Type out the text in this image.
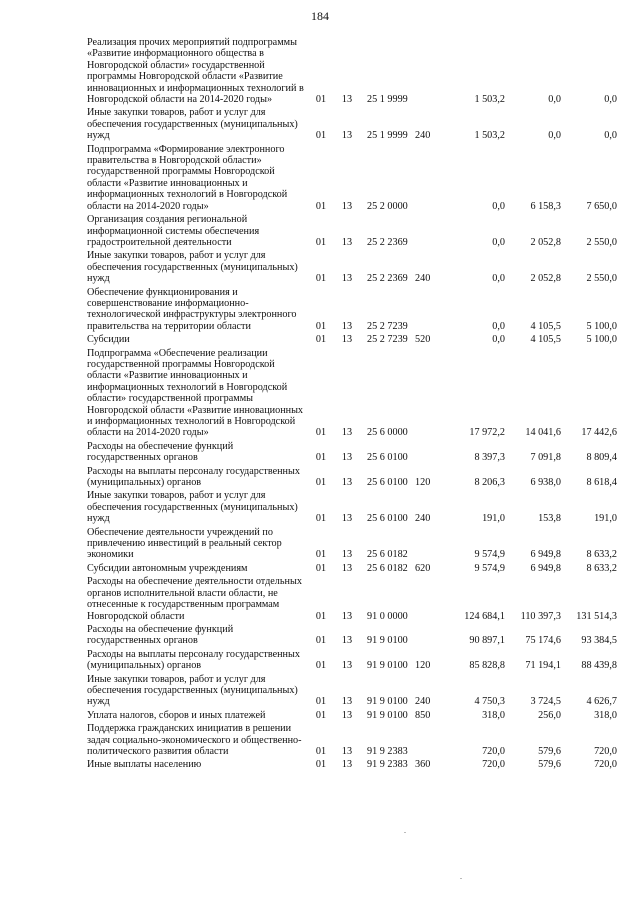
184
Реализация прочих мероприятий подпрограммы «Развитие информационного общества в Новгородской области» государственной программы Новгородской области «Развитие инновационных и информационных технологий в Новгородской области на 2014-2020 годы»	01	13	25 1 9999		1 503,2	0,0	0,0
Иные закупки товаров, работ и услуг для обеспечения государственных (муниципальных) нужд	01	13	25 1 9999	240	1 503,2	0,0	0,0
Подпрограмма «Формирование электронного правительства в Новгородской области» государственной программы Новгородской области «Развитие инновационных и информационных технологий в Новгородской области на 2014-2020 годы»	01	13	25 2 0000		0,0	6 158,3	7 650,0
Организация создания региональной информационной системы обеспечения градостроительной деятельности	01	13	25 2 2369		0,0	2 052,8	2 550,0
Иные закупки товаров, работ и услуг для обеспечения государственных (муниципальных) нужд	01	13	25 2 2369	240	0,0	2 052,8	2 550,0
Обеспечение функционирования и совершенствование информационно-технологической инфраструктуры электронного правительства на территории области	01	13	25 2 7239		0,0	4 105,5	5 100,0
Субсидии	01	13	25 2 7239	520	0,0	4 105,5	5 100,0
Подпрограмма «Обеспечение реализации государственной программы Новгородской области «Развитие инновационных и информационных технологий в Новгородской области» государственной программы Новгородской области «Развитие инновационных и информационных технологий в Новгородской области на 2014-2020 годы»	01	13	25 6 0000		17 972,2	14 041,6	17 442,6
Расходы на обеспечение функций государственных органов	01	13	25 6 0100		8 397,3	7 091,8	8 809,4
Расходы на выплаты персоналу государственных (муниципальных) органов	01	13	25 6 0100	120	8 206,3	6 938,0	8 618,4
Иные закупки товаров, работ и услуг для обеспечения государственных (муниципальных) нужд	01	13	25 6 0100	240	191,0	153,8	191,0
Обеспечение деятельности учреждений по привлечению инвестиций в реальный сектор экономики	01	13	25 6 0182		9 574,9	6 949,8	8 633,2
Субсидии автономным учреждениям	01	13	25 6 0182	620	9 574,9	6 949,8	8 633,2
Расходы на обеспечение деятельности отдельных органов исполнительной власти области, не отнесенные к государственным программам Новгородской области	01	13	91 0 0000		124 684,1	110 397,3	131 514,3
Расходы на обеспечение функций государственных органов	01	13	91 9 0100		90 897,1	75 174,6	93 384,5
Расходы на выплаты персоналу государственных (муниципальных) органов	01	13	91 9 0100	120	85 828,8	71 194,1	88 439,8
Иные закупки товаров, работ и услуг для обеспечения государственных (муниципальных) нужд	01	13	91 9 0100	240	4 750,3	3 724,5	4 626,7
Уплата налогов, сборов и иных платежей	01	13	91 9 0100	850	318,0	256,0	318,0
Поддержка гражданских инициатив в решении задач социально-экономического и общественно-политического развития области	01	13	91 9 2383		720,0	579,6	720,0
Иные выплаты населению	01	13	91 9 2383	360	720,0	579,6	720,0
